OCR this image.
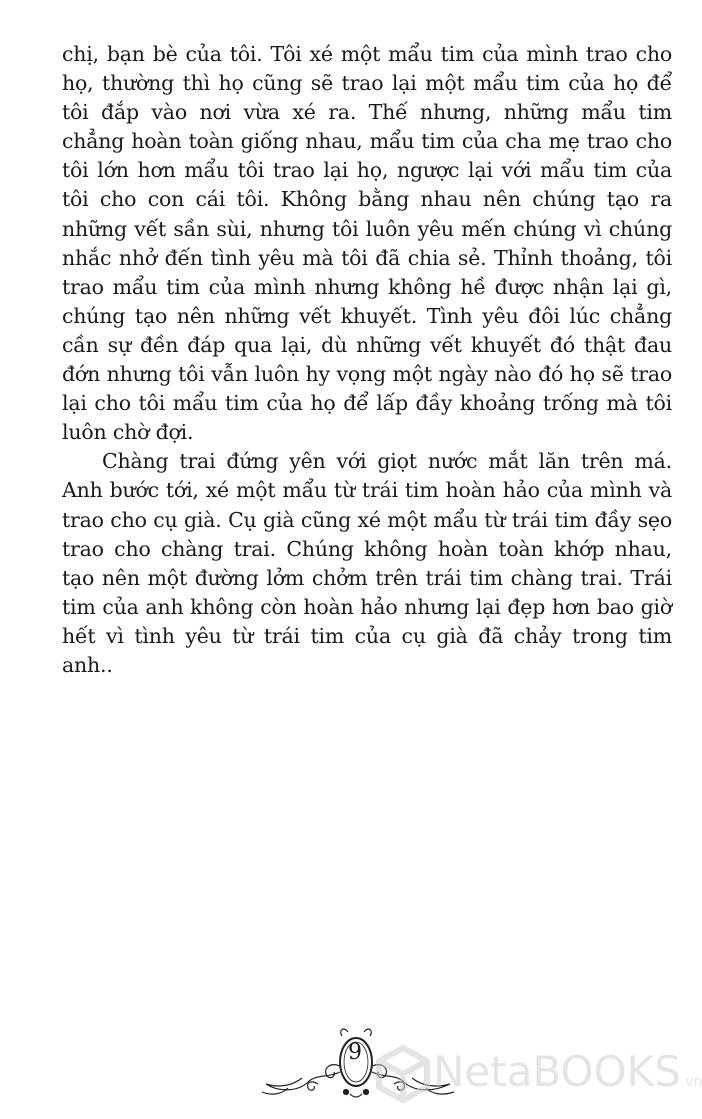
chị, bạn bè của tôi. Tôi xé một mẩu tim của mình trao cho họ, thường thì họ cũng sẽ trao lại một mẩu tim của họ để tôi đắp vào nơi vừa xé ra. Thế nhưng, những mẩu tim chẳng hoàn toàn giống nhau, mẩu tim của cha mẹ trao cho tôi lớn hơn mẩu tôi trao lại họ, ngược lại với mẩu tim của tôi cho con cái tôi. Không bằng nhau nên chúng tạo ra những vết sần sùi, nhưng tôi luôn yêu mến chúng vì chúng nhắc nhở đến tình yêu mà tôi đã chia sẻ. Thỉnh thoảng, tôi trao mẩu tim của mình nhưng không hề được nhận lại gì, chúng tạo nên những vết khuyết. Tình yêu đôi lúc chẳng cần sự đền đáp qua lại, dù những vết khuyết đó thật đau đớn nhưng tôi vẫn luôn hy vọng một ngày nào đó họ sẽ trao lại cho tôi mẩu tim của họ để lấp đầy khoảng trống mà tôi luôn chờ đợi.

Chàng trai đứng yên với giọt nước mắt lăn trên má. Anh bước tới, xé một mẩu từ trái tim hoàn hảo của mình và trao cho cụ già. Cụ già cũng xé một mẩu từ trái tim đầy sẹo trao cho chàng trai. Chúng không hoàn toàn khớp nhau, tạo nên một đường lởm chởm trên trái tim chàng trai. Trái tim của anh không còn hoàn hảo nhưng lại đẹp hơn bao giờ hết vì tình yêu từ trái tim của cụ già đã chảy trong tim anh..

9 NetaBOOKS.vn
